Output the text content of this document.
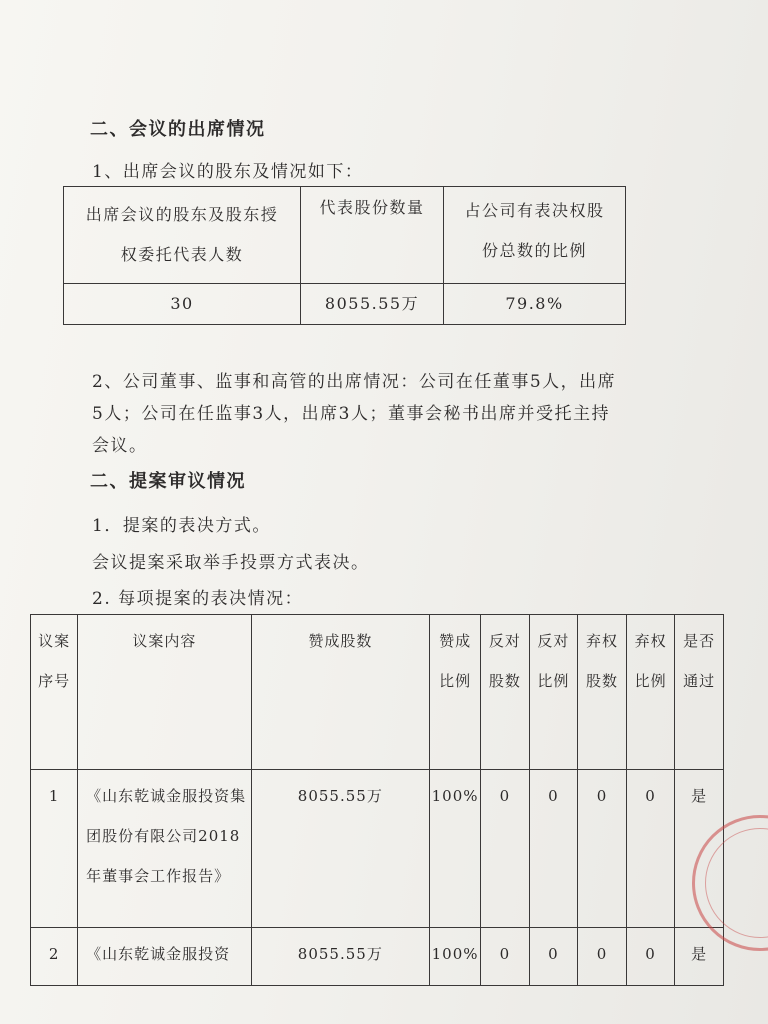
二、会议的出席情况
1、出席会议的股东及情况如下：
出席会议的股东及股东授权委托代表人数	代表股份数量	占公司有表决权股份总数的比例
30	8055.55万	79.8%
2、公司董事、监事和高管的出席情况：公司在任董事5人，出席
5人；公司在任监事3人，出席3人；董事会秘书出席并受托主持
会议。
二、提案审议情况
1．提案的表决方式。
会议提案采取举手投票方式表决。
2. 每项提案的表决情况：
议案序号	议案内容	赞成股数	赞成比例	反对股数	反对比例	弃权股数	弃权比例	是否通过
1	《山东乾诚金服投资集团股份有限公司2018年董事会工作报告》	8055.55万	100%	0	0	0	0	是
2	《山东乾诚金服投资	8055.55万	100%	0	0	0	0	是
